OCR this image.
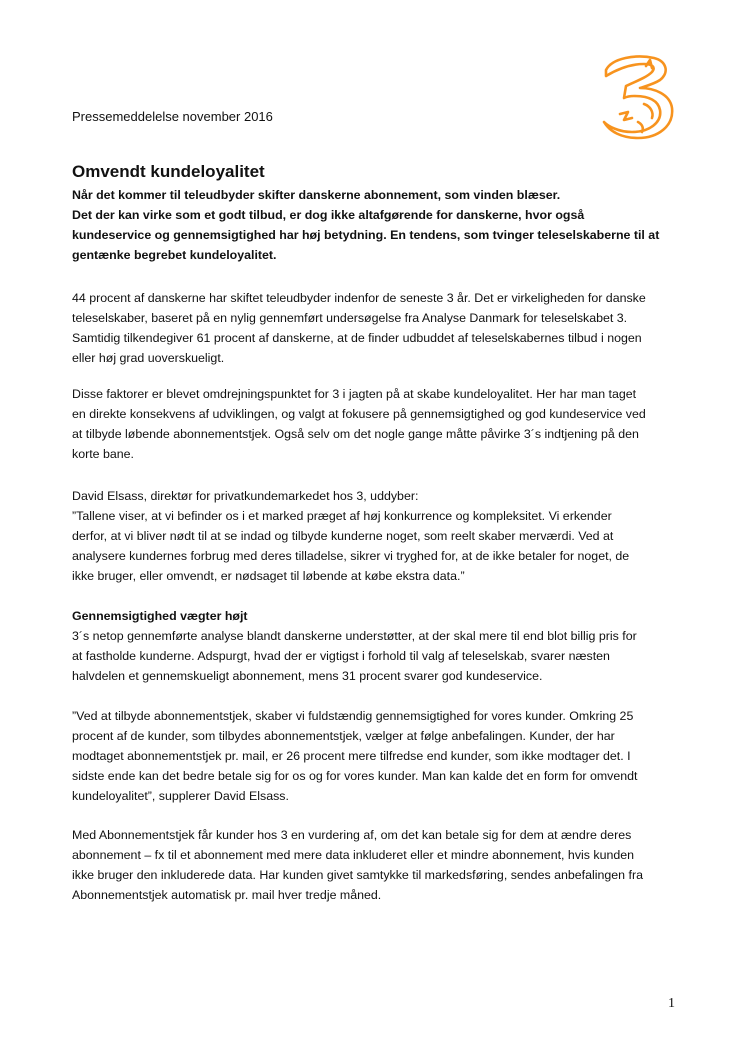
Pressemeddelelse november 2016
Omvendt kundeloyalitet

Når det kommer til teleudbyder skifter danskerne abonnement, som vinden blæser.
Det der kan virke som et godt tilbud, er dog ikke altafgørende for danskerne, hvor også
kundeservice og gennemsigtighed har høj betydning. En tendens, som tvinger teleselskaberne til at
gentænke begrebet kundeloyalitet.

44 procent af danskerne har skiftet teleudbyder indenfor de seneste 3 år. Det er virkeligheden for danske
teleselskaber, baseret på en nylig gennemført undersøgelse fra Analyse Danmark for teleselskabet 3.
Samtidig tilkendegiver 61 procent af danskerne, at de finder udbuddet af teleselskabernes tilbud i nogen
eller høj grad uoverskueligt.

Disse faktorer er blevet omdrejningspunktet for 3 i jagten på at skabe kundeloyalitet. Her har man taget
en direkte konsekvens af udviklingen, og valgt at fokusere på gennemsigtighed og god kundeservice ved
at tilbyde løbende abonnementstjek. Også selv om det nogle gange måtte påvirke 3´s indtjening på den
korte bane.

David Elsass, direktør for privatkundemarkedet hos 3, uddyber:
”Tallene viser, at vi befinder os i et marked præget af høj konkurrence og kompleksitet. Vi erkender
derfor, at vi bliver nødt til at se indad og tilbyde kunderne noget, som reelt skaber merværdi. Ved at
analysere kundernes forbrug med deres tilladelse, sikrer vi tryghed for, at de ikke betaler for noget, de
ikke bruger, eller omvendt, er nødsaget til løbende at købe ekstra data.”

Gennemsigtighed vægter højt

3´s netop gennemførte analyse blandt danskerne understøtter, at der skal mere til end blot billig pris for
at fastholde kunderne. Adspurgt, hvad der er vigtigst i forhold til valg af teleselskab, svarer næsten
halvdelen et gennemskueligt abonnement, mens 31 procent svarer god kundeservice.

”Ved at tilbyde abonnementstjek, skaber vi fuldstændig gennemsigtighed for vores kunder. Omkring 25
procent af de kunder, som tilbydes abonnementstjek, vælger at følge anbefalingen. Kunder, der har
modtaget abonnementstjek pr. mail, er 26 procent mere tilfredse end kunder, som ikke modtager det. I
sidste ende kan det bedre betale sig for os og for vores kunder. Man kan kalde det en form for omvendt
kundeloyalitet”, supplerer David Elsass.

Med Abonnementstjek får kunder hos 3 en vurdering af, om det kan betale sig for dem at ændre deres
abonnement – fx til et abonnement med mere data inkluderet eller et mindre abonnement, hvis kunden
ikke bruger den inkluderede data. Har kunden givet samtykke til markedsføring, sendes anbefalingen fra
Abonnementstjek automatisk pr. mail hver tredje måned.

1
